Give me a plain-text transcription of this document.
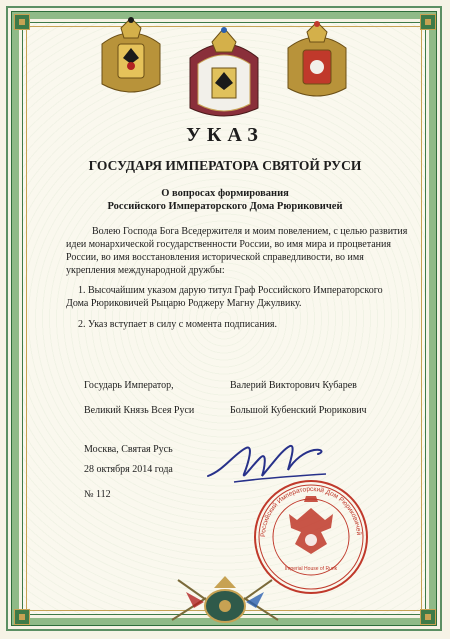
УКАЗ
ГОСУДАРЯ ИМПЕРАТОРА СВЯТОЙ РУСИ
О вопросах формирования
Российского Императорского Дома Рюриковичей
Волею Господа Бога Вседержителя и моим повелением, с целью развития
идеи монархической государственности России, во имя мира и процветания
России, во имя восстановления исторической справедливости, во имя
укрепления международной дружбы:
1. Высочайшим указом дарую титул Граф Российского Императорского
Дома Рюриковичей Рыцарю Роджеру Магну Джулвику.
2. Указ вступает в силу с момента подписания.
Государь Император,
Великий Князь Всея Руси
Валерий Викторович Кубарев
Большой Кубенский Рюрикович
Москва, Святая Русь
28 октября 2014 года
№ 112
Российский Императорский Дом Рюриковичей
Imperial House of Rurik
